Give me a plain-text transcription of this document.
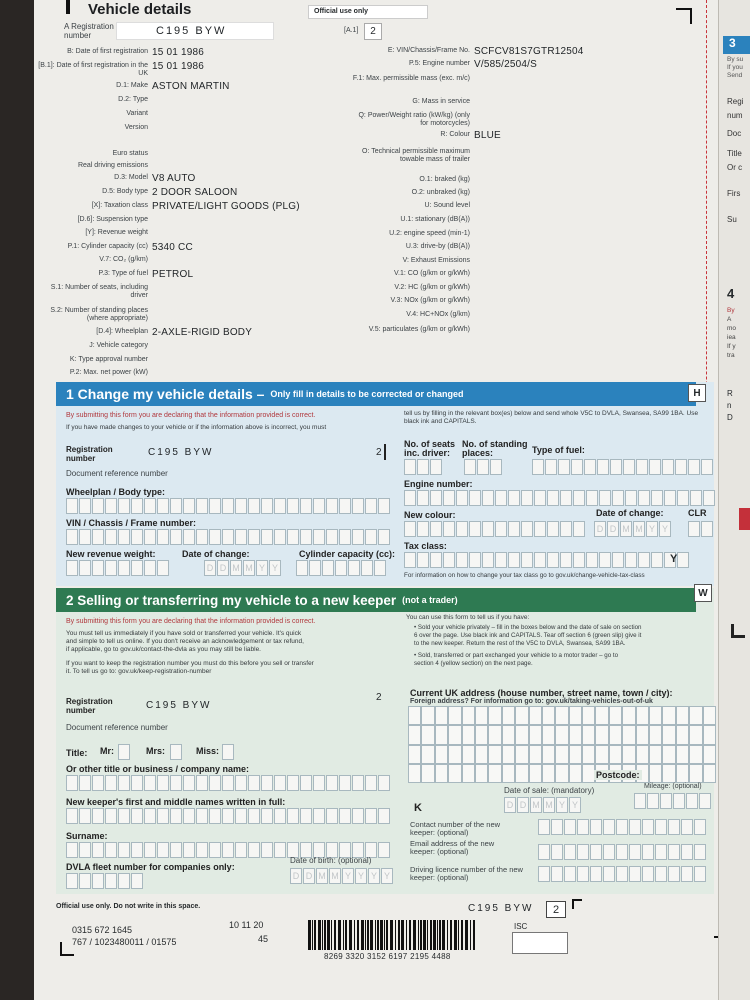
Vehicle details	Official use only
A Registration number	C195 BYW	[A.1]	2
B: Date of first registration 15 01 1986
[B.1]: Date of first registration in the UK
15 01 1986
D.1: Make ASTON MARTIN
D.2: Type
Variant
Version
Euro status
Real driving emissions
D.3: Model V8 AUTO
D.5: Body type 2 DOOR SALOON
[X]: Taxation class PRIVATE/LIGHT GOODS (PLG)
[D.6]: Suspension type
[Y]: Revenue weight
P.1: Cylinder capacity (cc) 5340 CC
V.7: CO₂ (g/km)
P.3: Type of fuel PETROL
S.1: Number of seats, including driver
S.2: Number of standing places (where appropriate)
[D.4]: Wheelplan 2-AXLE-RIGID BODY
J: Vehicle category
K: Type approval number
P.2: Max. net power (kW)
E: VIN/Chassis/Frame No. SCFCV81S7GTR12504
P.5: Engine number V/585/2504/S
F.1: Max. permissible mass (exc. m/c)
G: Mass in service
Q: Power/Weight ratio (kW/kg) (only for motorcycles)
R: Colour BLUE
O: Technical permissible maximum towable mass of trailer
O.1: braked (kg)
O.2: unbraked (kg)
U: Sound level
U.1: stationary (dB(A))
U.2: engine speed (min-1)
U.3: drive-by (dB(A))
V: Exhaust Emissions
V.1: CO (g/km or g/kWh)
V.2: HC (g/km or g/kWh)
V.3: NOx (g/km or g/kWh)
V.4: HC+NOx (g/km)
V.5: particulates (g/km or g/kWh)
1 Change my vehicle details – Only fill in details to be corrected or changed	H
By submitting this form you are declaring that the information provided is correct.
If you have made changes to your vehicle or if the information above is incorrect, you must
tell us by filling in the relevant box(es) below and send whole V5C to DVLA, Swansea, SA99 1BA. Use black ink and CAPITALS.
Registration number
C195 BYW	2
Document reference number
Wheelplan / Body type:
VIN / Chassis / Frame number:
New revenue weight:	Date of change:
D D M M Y Y
Cylinder capacity (cc):
No. of seats inc. driver:
No. of standing places:	Type of fuel:
Engine number:
New colour:	Date of change:
D D M M Y Y
CLR
Tax class:
Y
For information on how to change your tax class go to gov.uk/change-vehicle-tax-class
2 Selling or transferring my vehicle to a new keeper (not a trader)
W
By submitting this form you are declaring that the information provided is correct.
You must tell us immediately if you have sold or transferred your vehicle. It's quick
and simple to tell us online. If you don't receive an acknowledgement or tax refund,
if applicable, go to gov.uk/contact-the-dvla as you may still be liable.
If you want to keep the registration number you must do this before you sell or transfer
it. To tell us go to: gov.uk/keep-registration-number
You can use this form to tell us if you have:
• Sold your vehicle privately – fill in the boxes below and the date of sale on section
6 over the page. Use black ink and CAPITALS. Tear off section 6 (green slip) give it
to the new keeper. Return the rest of the V5C to DVLA, Swansea, SA99 1BA.
• Sold, transferred or part exchanged your vehicle to a motor trader – go to
section 4 (yellow section) on the next page.
Registration number	C195 BYW
2
Document reference number
Title: Mr:	Mrs:	Miss:
Or other title or business / company name:
New keeper's first and middle names written in full:
Surname:
DVLA fleet number for companies only:
Date of birth: (optional)
D D M M Y Y Y Y
Current UK address (house number, street name, town / city):
Foreign address? For information go to: gov.uk/taking-vehicles-out-of-uk
Postcode:
Date of sale: (mandatory)
D D M M Y Y
Mileage: (optional)
K
Contact number of the new keeper: (optional)
Email address of the new keeper: (optional)
Driving licence number of the new keeper: (optional)
Official use only. Do not write in this space.
0315 672 1645
767 / 1023480011 / 01575
10 11 20
45
8269 3320 3152 6197 2195 4488
C195 BYW	2
ISC
3
By su
If you
Send
Regi
num
Doc
Title
Or c
Firs
Su
4
By
A
mo
iea
If y
tra
R
n
D
